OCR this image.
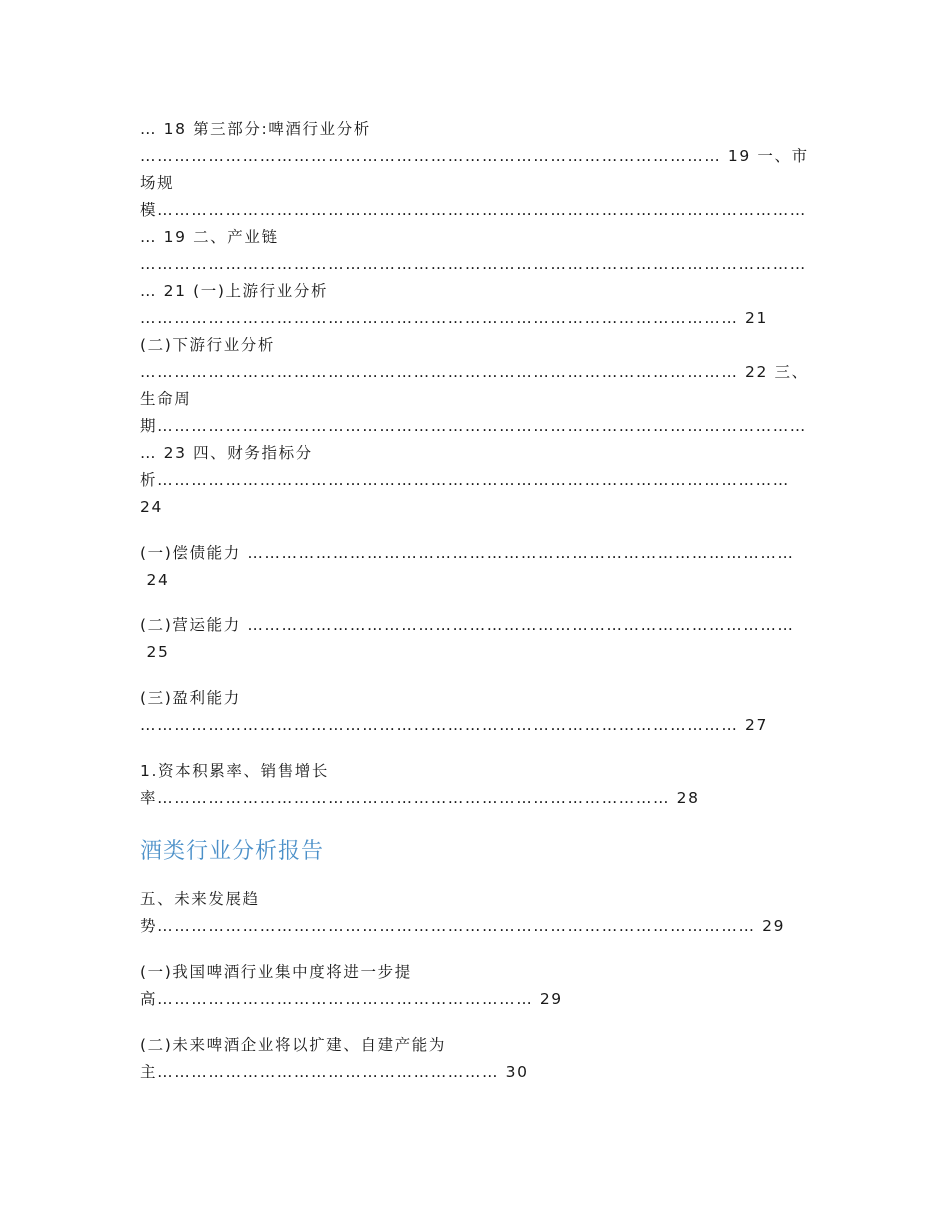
… 18 第三部分:啤酒行业分析
………………………………………………………………………………………… 19 一、市
场规
模……………………………………………………………………………………………………
… 19 二、产业链
………………………………………………………………………………………………………
… 21 (一)上游行业分析
…………………………………………………………………………………………… 21
(二)下游行业分析
…………………………………………………………………………………………… 22 三、
生命周
期……………………………………………………………………………………………………
… 23 四、财务指标分
析…………………………………………………………………………………………………
24
(一)偿债能力 ……………………………………………………………………………………
24
(二)营运能力 ……………………………………………………………………………………
25
(三)盈利能力
…………………………………………………………………………………………… 27
1.资本积累率、销售增长
率……………………………………………………………………………… 28
酒类行业分析报告
五、未来发展趋
势…………………………………………………………………………………………… 29
(一)我国啤酒行业集中度将进一步提
高………………………………………………………… 29
(二)未来啤酒企业将以扩建、自建产能为
主…………………………………………………… 30
